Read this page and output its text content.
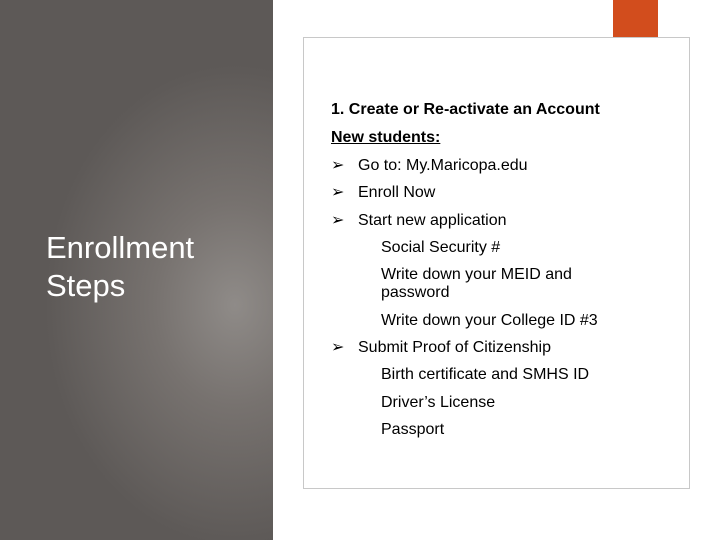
Enrollment
Steps
1. Create or Re-activate an Account
New students:
➢ Go to: My.Maricopa.edu
➢ Enroll Now
➢ Start new application
Social Security #
Write down your MEID and
password
Write down your College ID #3
➢ Submit Proof of Citizenship
Birth certificate and SMHS ID
Driver’s License
Passport
